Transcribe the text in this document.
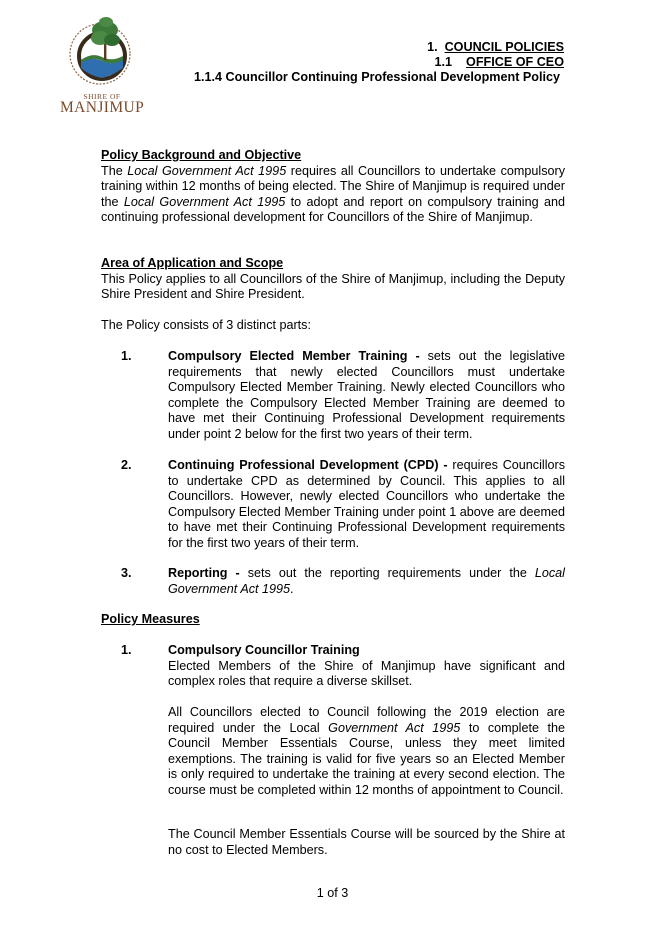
SHIRE OF
MANJIMUP
1. COUNCIL POLICIES
1.1 OFFICE OF CEO
1.1.4 Councillor Continuing Professional Development Policy

Policy Background and Objective

The Local Government Act 1995 requires all Councillors to undertake compulsory training within 12 months of being elected. The Shire of Manjimup is required under the Local Government Act 1995 to adopt and report on compulsory training and continuing professional development for Councillors of the Shire of Manjimup.

Area of Application and Scope

This Policy applies to all Councillors of the Shire of Manjimup, including the Deputy Shire President and Shire President.

The Policy consists of 3 distinct parts:
1.	Compulsory Elected Member Training - sets out the legislative requirements that newly elected Councillors must undertake Compulsory Elected Member Training. Newly elected Councillors who complete the Compulsory Elected Member Training are deemed to have met their Continuing Professional Development requirements under point 2 below for the first two years of their term.
2.	Continuing Professional Development (CPD) - requires Councillors to undertake CPD as determined by Council. This applies to all Councillors. However, newly elected Councillors who undertake the Compulsory Elected Member Training under point 1 above are deemed to have met their Continuing Professional Development requirements for the first two years of their term.
3.	Reporting - sets out the reporting requirements under the Local Government Act 1995.
Policy Measures
1.	Compulsory Councillor Training

Elected Members of the Shire of Manjimup have significant and complex roles that require a diverse skillset.

All Councillors elected to Council following the 2019 election are required under the Local Government Act 1995 to complete the Council Member Essentials Course, unless they meet limited exemptions. The training is valid for five years so an Elected Member is only required to undertake the training at every second election. The course must be completed within 12 months of appointment to Council.
The Council Member Essentials Course will be sourced by the Shire at no cost to Elected Members.
1 of 3
